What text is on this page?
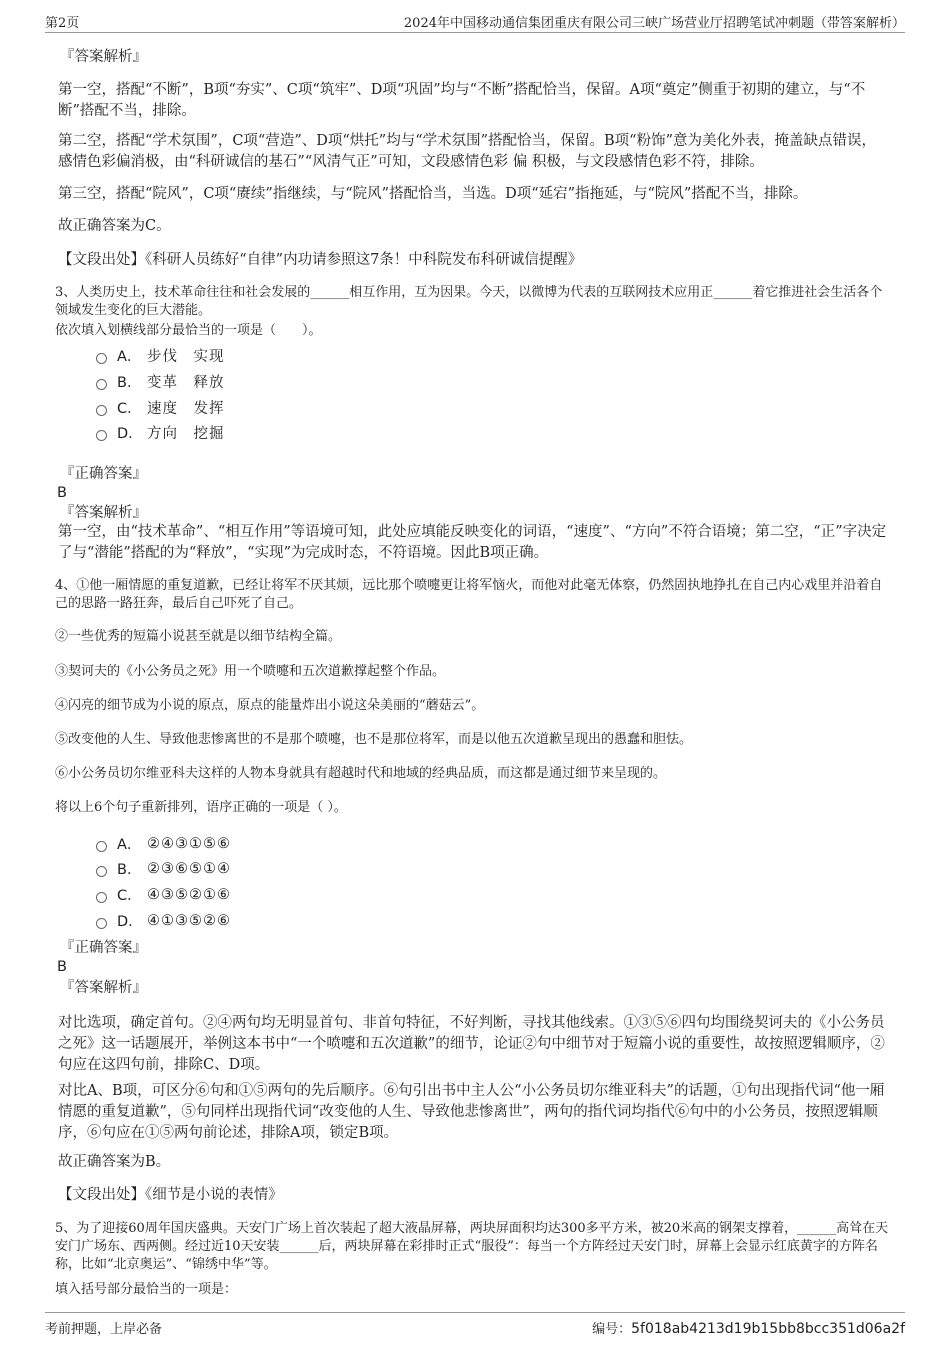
第2页	2024年中国移动通信集团重庆有限公司三峡广场营业厅招聘笔试冲刺题（带答案解析）
『答案解析』
第一空，搭配“不断”，B项“夯实”、C项“筑牢”、D项“巩固”均与“不断”搭配恰当，保留。A项“奠定”侧重于初期的建立，与“不断”搭配不当，排除。
第二空，搭配“学术氛围”，C项“营造”、D项“烘托”均与“学术氛围”搭配恰当，保留。B项“粉饰”意为美化外表，掩盖缺点错误，感情色彩偏消极，由“科研诚信的基石”“风清气正”可知，文段感情色彩 偏 积极，与文段感情色彩不符，排除。
第三空，搭配“院风”，C项“赓续”指继续，与“院风”搭配恰当，当选。D项“延宕”指拖延，与“院风”搭配不当，排除。
故正确答案为C。
【文段出处】《科研人员练好“自律”内功请参照这7条！中科院发布科研诚信提醒》
3、人类历史上，技术革命往往和社会发展的______相互作用，互为因果。今天，以微博为代表的互联网技术应用正______着它推进社会生活各个领域发生变化的巨大潜能。
依次填入划横线部分最恰当的一项是（　　）。
A． 步伐　实现
B． 变革　释放
C． 速度　发挥
D． 方向　挖掘
『正确答案』
B
『答案解析』
第一空，由“技术革命”、“相互作用”等语境可知，此处应填能反映变化的词语，“速度”、“方向”不符合语境；第二空，“正”字决定了与“潜能”搭配的为“释放”，“实现”为完成时态，不符语境。因此B项正确。
4、①他一厢情愿的重复道歉，已经让将军不厌其烦，远比那个喷嚏更让将军恼火，而他对此毫无体察，仍然固执地挣扎在自己内心戏里并沿着自己的思路一路狂奔，最后自己吓死了自己。
②一些优秀的短篇小说甚至就是以细节结构全篇。
③契诃夫的《小公务员之死》用一个喷嚏和五次道歉撑起整个作品。
④闪亮的细节成为小说的原点，原点的能量炸出小说这朵美丽的“蘑菇云”。
⑤改变他的人生、导致他悲惨离世的不是那个喷嚏，也不是那位将军，而是以他五次道歉呈现出的愚蠢和胆怯。
⑥小公务员切尔维亚科夫这样的人物本身就具有超越时代和地域的经典品质，而这都是通过细节来呈现的。
将以上6个句子重新排列，语序正确的一项是（ ）。
A． ②④③①⑤⑥
B． ②③⑥⑤①④
C． ④③⑤②①⑥
D． ④①③⑤②⑥
『正确答案』
B
『答案解析』
对比选项，确定首句。②④两句均无明显首句、非首句特征，不好判断，寻找其他线索。①③⑤⑥四句均围绕契诃夫的《小公务员之死》这一话题展开，举例这本书中“一个喷嚏和五次道歉”的细节，论证②句中细节对于短篇小说的重要性，故按照逻辑顺序，②句应在这四句前，排除C、D项。
对比A、B项，可区分⑥句和①⑤两句的先后顺序。⑥句引出书中主人公“小公务员切尔维亚科夫”的话题，①句出现指代词“他一厢情愿的重复道歉”，⑤句同样出现指代词“改变他的人生、导致他悲惨离世”，两句的指代词均指代⑥句中的小公务员，按照逻辑顺序，⑥句应在①⑤两句前论述，排除A项，锁定B项。
故正确答案为B。
【文段出处】《细节是小说的表情》
5、为了迎接60周年国庆盛典。天安门广场上首次装起了超大液晶屏幕，两块屏面积均达300多平方米，被20米高的钢架支撑着，______高耸在天安门广场东、西两侧。经过近10天安装______后，两块屏幕在彩排时正式“服役”：每当一个方阵经过天安门时，屏幕上会显示红底黄字的方阵名称，比如“北京奥运”、“锦绣中华”等。
填入括号部分最恰当的一项是：
考前押题，上岸必备	编号：5f018ab4213d19b15bb8bcc351d06a2f
